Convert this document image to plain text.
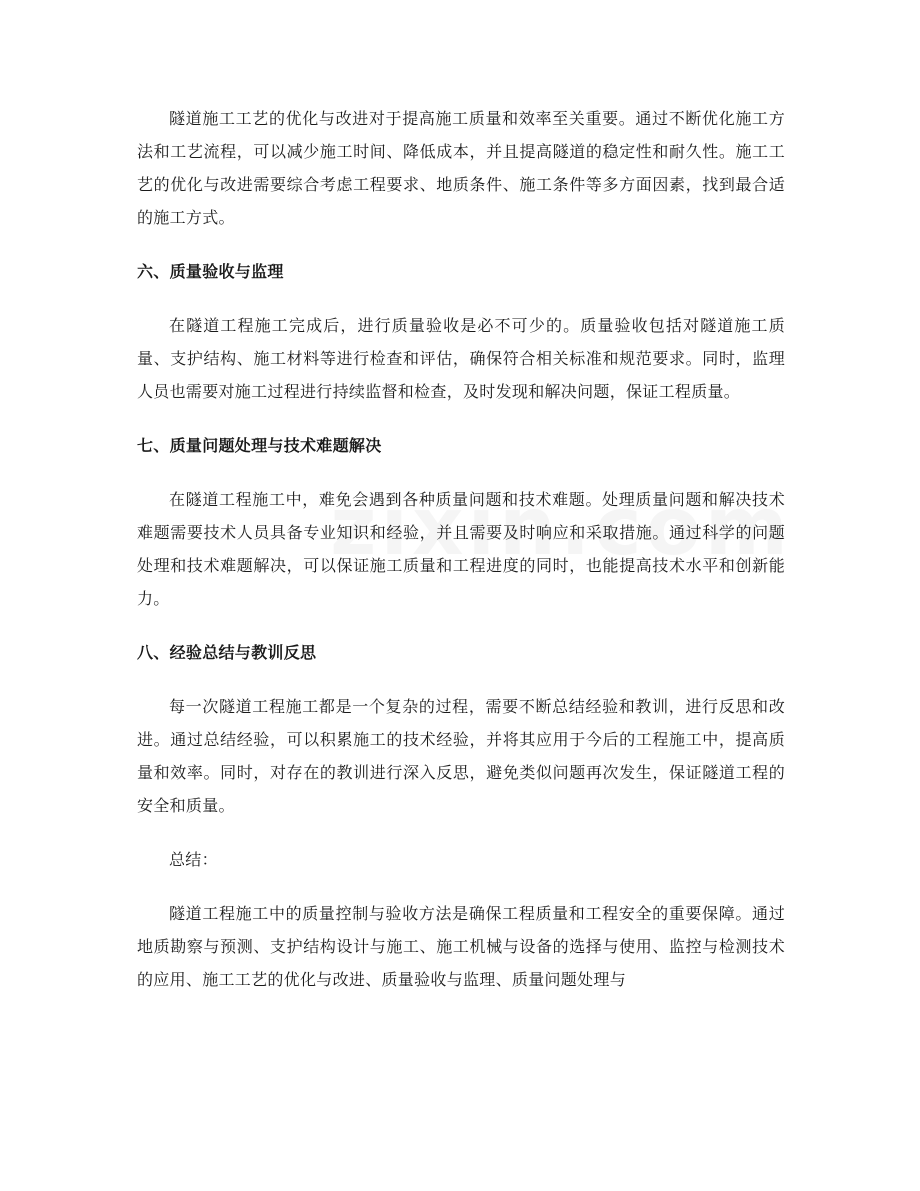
隧道施工工艺的优化与改进对于提高施工质量和效率至关重要。通过不断优化施工方法和工艺流程，可以减少施工时间、降低成本，并且提高隧道的稳定性和耐久性。施工工艺的优化与改进需要综合考虑工程要求、地质条件、施工条件等多方面因素，找到最合适的施工方式。

六、质量验收与监理

在隧道工程施工完成后，进行质量验收是必不可少的。质量验收包括对隧道施工质量、支护结构、施工材料等进行检查和评估，确保符合相关标准和规范要求。同时，监理人员也需要对施工过程进行持续监督和检查，及时发现和解决问题，保证工程质量。

七、质量问题处理与技术难题解决

在隧道工程施工中，难免会遇到各种质量问题和技术难题。处理质量问题和解决技术难题需要技术人员具备专业知识和经验，并且需要及时响应和采取措施。通过科学的问题处理和技术难题解决，可以保证施工质量和工程进度的同时，也能提高技术水平和创新能力。

八、经验总结与教训反思

每一次隧道工程施工都是一个复杂的过程，需要不断总结经验和教训，进行反思和改进。通过总结经验，可以积累施工的技术经验，并将其应用于今后的工程施工中，提高质量和效率。同时，对存在的教训进行深入反思，避免类似问题再次发生，保证隧道工程的安全和质量。

总结：

隧道工程施工中的质量控制与验收方法是确保工程质量和工程安全的重要保障。通过地质勘察与预测、支护结构设计与施工、施工机械与设备的选择与使用、监控与检测技术的应用、施工工艺的优化与改进、质量验收与监理、质量问题处理与
